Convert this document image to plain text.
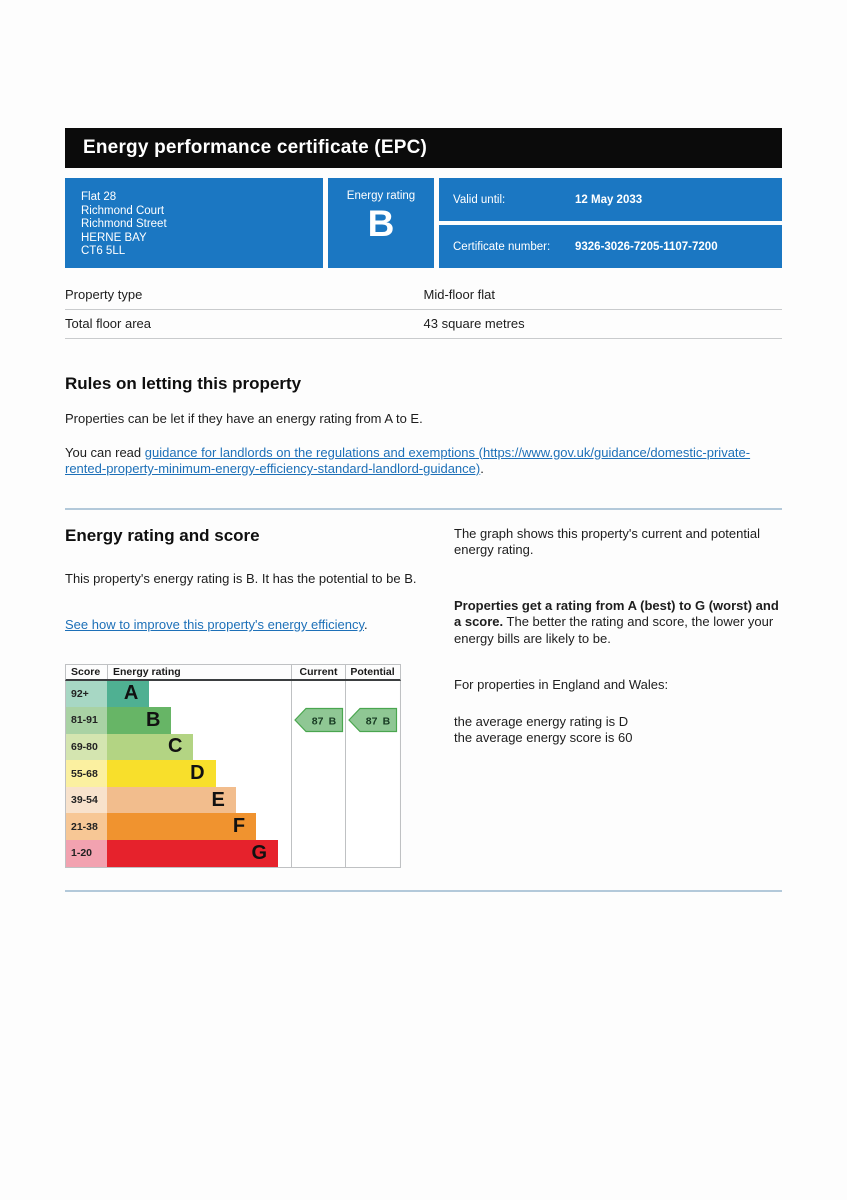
Energy performance certificate (EPC)
Flat 28
Richmond Court
Richmond Street
HERNE BAY
CT6 5LL
Energy rating
B
Valid until:	12 May 2033
Certificate number:	9326-3026-7205-1107-7200
Property type	Mid-floor flat
Total floor area	43 square metres
Rules on letting this property

Properties can be let if they have an energy rating from A to E.

You can read guidance for landlords on the regulations and exemptions (https://www.gov.uk/guidance/domestic-private-rented-property-minimum-energy-efficiency-standard-landlord-guidance).

Energy rating and score

This property's energy rating is B. It has the potential to be B.

See how to improve this property's energy efficiency.
Score	Energy rating	Current	Potential
92+	A
81-91	B	87 B	87 B
69-80	C
55-68	D
39-54	E
21-38	F
1-20	G

The graph shows this property's current and potential energy rating.

Properties get a rating from A (best) to G (worst) and a score. The better the rating and score, the lower your energy bills are likely to be.

For properties in England and Wales:

the average energy rating is D
the average energy score is 60
